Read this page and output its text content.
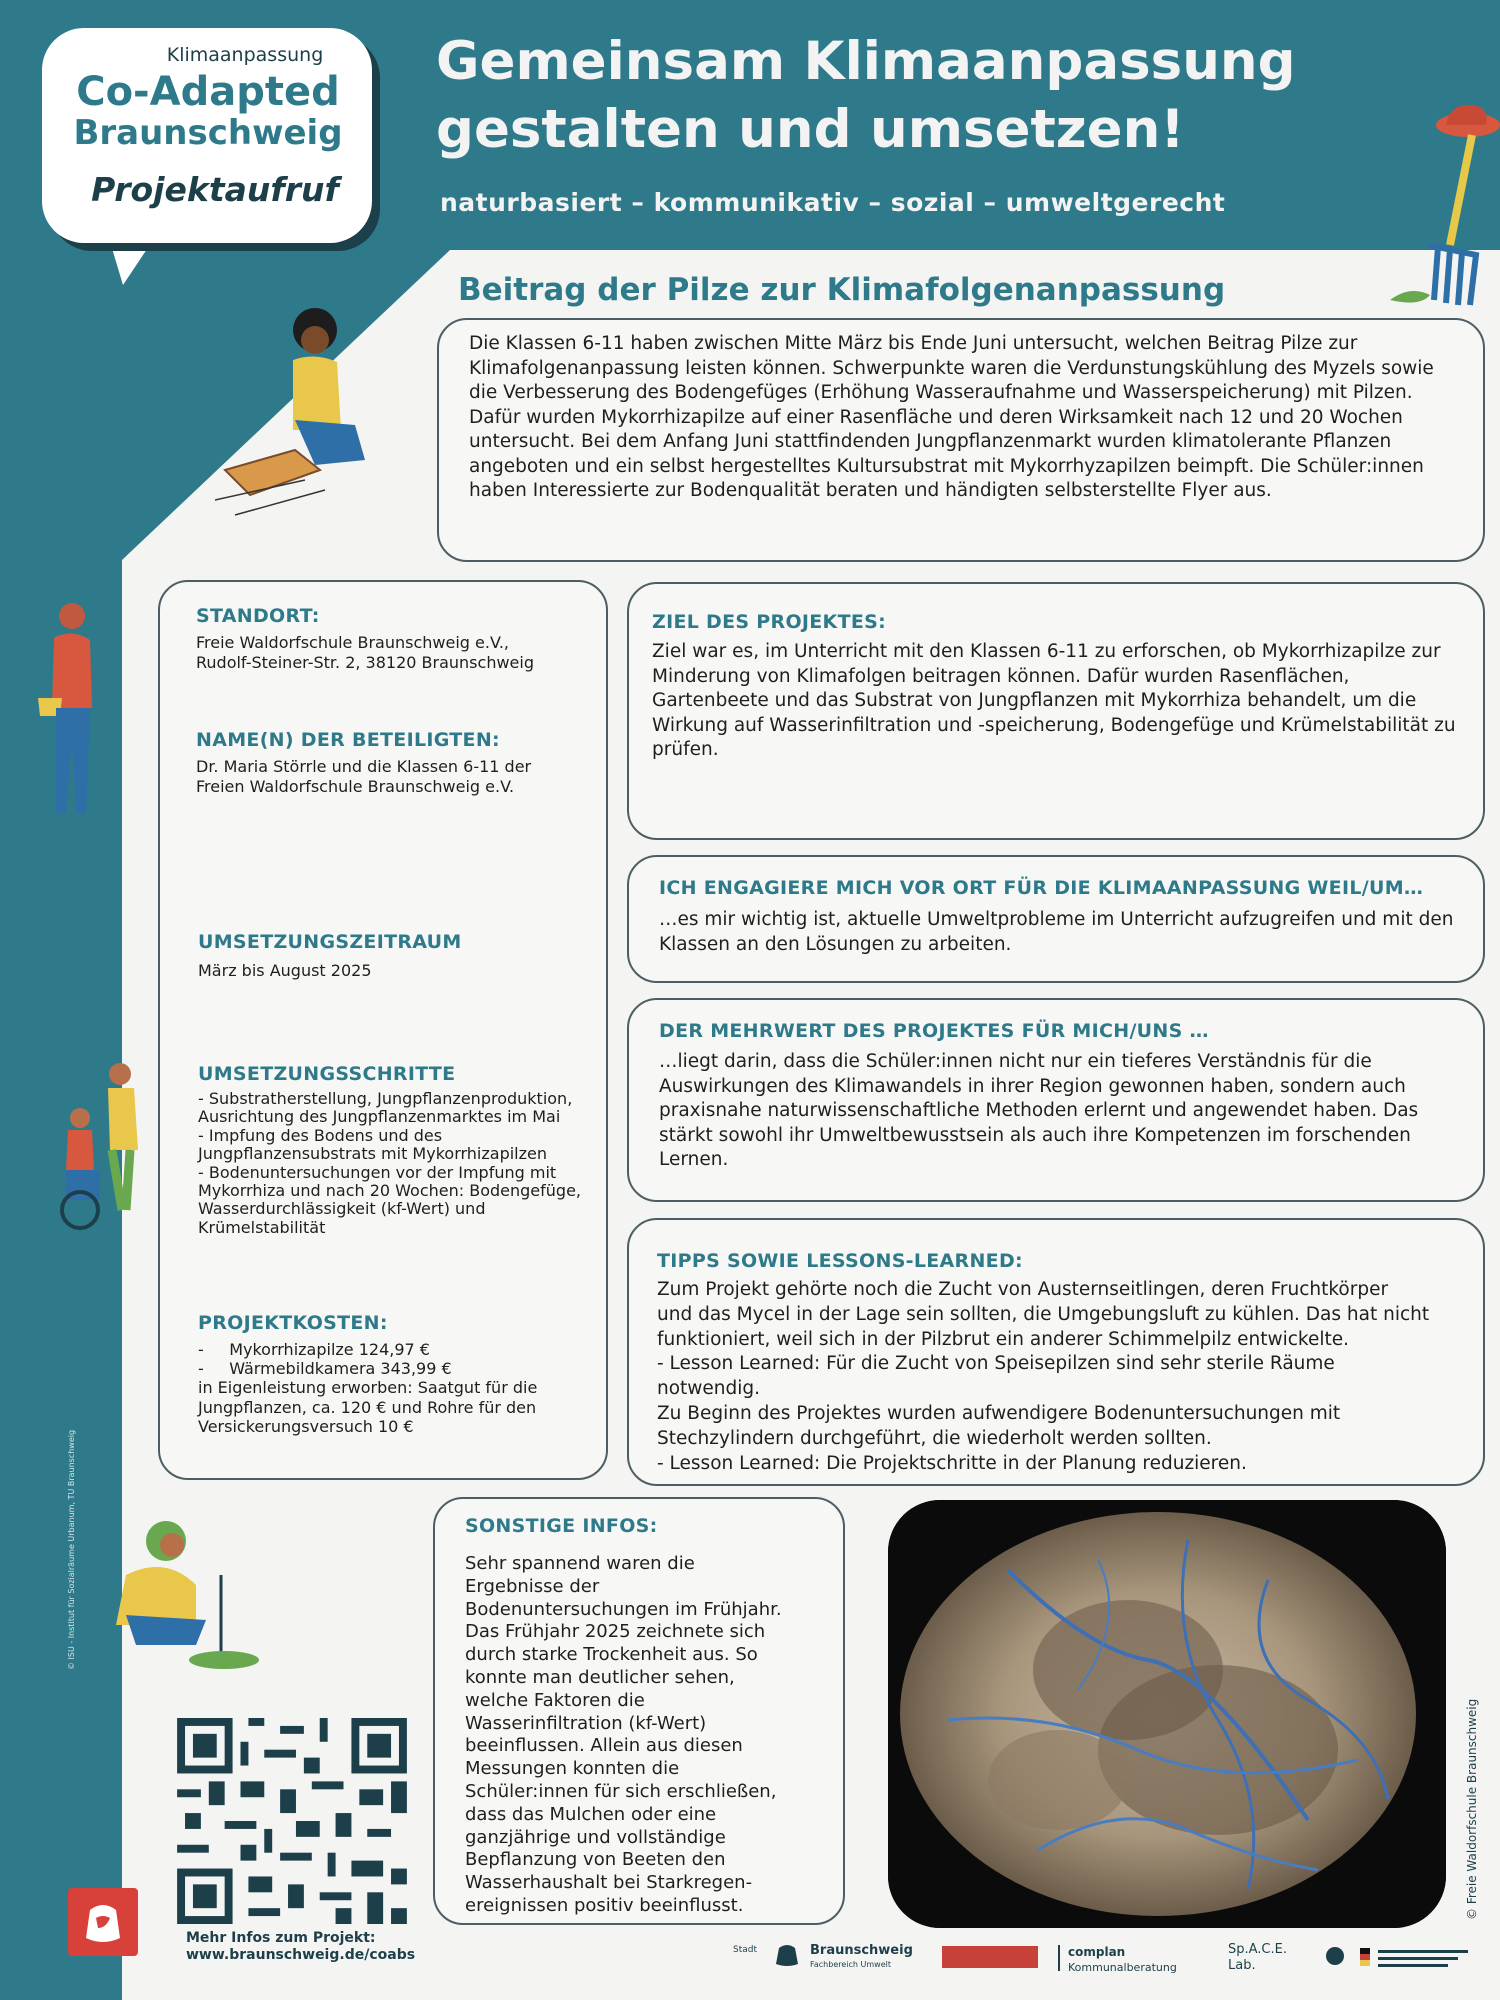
Klimaanpassung
Co-Adapted
Braunschweig
Projektaufruf
Gemeinsam Klimaanpassung
gestalten und umsetzen!
naturbasiert – kommunikativ – sozial – umweltgerecht
Beitrag der Pilze zur Klimafolgenanpassung
Die Klassen 6-11 haben zwischen Mitte März bis Ende Juni untersucht, welchen Beitrag Pilze zur Klimafolgenanpassung leisten können. Schwerpunkte waren die Verdunstungskühlung des Myzels sowie die Verbesserung des Bodengefüges (Erhöhung Wasseraufnahme und Wasserspeicherung) mit Pilzen. Dafür wurden Mykorrhizapilze auf einer Rasenfläche und deren Wirksamkeit nach 12 und 20 Wochen untersucht. Bei dem Anfang Juni stattfindenden Jungpflanzenmarkt wurden klimatolerante Pflanzen angeboten und ein selbst hergestelltes Kultursubstrat mit Mykorrhyzapilzen beimpft. Die Schüler:innen haben Interessierte zur Bodenqualität beraten und händigten selbsterstellte Flyer aus.
STANDORT:
Freie Waldorfschule Braunschweig e.V.,
Rudolf-Steiner-Str. 2, 38120 Braunschweig
NAME(N) DER BETEILIGTEN:
Dr. Maria Störrle und die Klassen 6-11 der
Freien Waldorfschule Braunschweig e.V.
UMSETZUNGSZEITRAUM
März bis August 2025
UMSETZUNGSSCHRITTE
- Substratherstellung, Jungpflanzenproduktion,
Ausrichtung des Jungpflanzenmarktes im Mai
- Impfung des Bodens und des
Jungpflanzensubstrats mit Mykorrhizapilzen
- Bodenuntersuchungen vor der Impfung mit
Mykorrhiza und nach 20 Wochen: Bodengefüge,
Wasserdurchlässigkeit (kf-Wert) und
Krümelstabilität
PROJEKTKOSTEN:
-     Mykorrhizapilze 124,97 €
-     Wärmebildkamera 343,99 €
in Eigenleistung erworben: Saatgut für die
Jungpflanzen, ca. 120 € und Rohre für den
Versickerungsversuch 10 €
ZIEL DES PROJEKTES:
Ziel war es, im Unterricht mit den Klassen 6-11 zu erforschen, ob Mykorrhizapilze zur Minderung von Klimafolgen beitragen können. Dafür wurden Rasenflächen, Gartenbeete und das Substrat von Jungpflanzen mit Mykorrhiza behandelt, um die Wirkung auf Wasserinfiltration und -speicherung, Bodengefüge und Krümelstabilität zu prüfen.
ICH ENGAGIERE MICH VOR ORT FÜR DIE KLIMAANPASSUNG WEIL/UM…
…es mir wichtig ist, aktuelle Umweltprobleme im Unterricht aufzugreifen und mit den Klassen an den Lösungen zu arbeiten.
DER MEHRWERT DES PROJEKTES FÜR MICH/UNS …
…liegt darin, dass die Schüler:innen nicht nur ein tieferes Verständnis für die Auswirkungen des Klimawandels in ihrer Region gewonnen haben, sondern auch praxisnahe naturwissenschaftliche Methoden erlernt und angewendet haben. Das stärkt sowohl ihr Umweltbewusstsein als auch ihre Kompetenzen im forschenden Lernen.
TIPPS SOWIE LESSONS-LEARNED:
Zum Projekt gehörte noch die Zucht von Austernseitlingen, deren Fruchtkörper
und das Mycel in der Lage sein sollten, die Umgebungsluft zu kühlen. Das hat nicht
funktioniert, weil sich in der Pilzbrut ein anderer Schimmelpilz entwickelte.
- Lesson Learned: Für die Zucht von Speisepilzen sind sehr sterile Räume
notwendig.
Zu Beginn des Projektes wurden aufwendigere Bodenuntersuchungen mit
Stechzylindern durchgeführt, die wiederholt werden sollten.
- Lesson Learned: Die Projektschritte in der Planung reduzieren.
SONSTIGE INFOS:
Sehr spannend waren die
Ergebnisse der
Bodenuntersuchungen im Frühjahr.
Das Frühjahr 2025 zeichnete sich
durch starke Trockenheit aus. So
konnte man deutlicher sehen,
welche Faktoren die
Wasserinfiltration (kf-Wert)
beeinflussen. Allein aus diesen
Messungen konnten die
Schüler:innen für sich erschließen,
dass das Mulchen oder eine
ganzjährige und vollständige
Bepflanzung von Beeten den
Wasserhaushalt bei Starkregen-
ereignissen positiv beeinflusst.
© ISU - Institut für Sozialräume Urbanum, TU Braunschweig
Mehr Infos zum Projekt:
www.braunschweig.de/coabs
© Freie Waldorfschule Braunschweig
Stadt	Braunschweig
Fachbereich Umwelt
complan
Kommunalberatung
Sp.A.C.E.
Lab.
